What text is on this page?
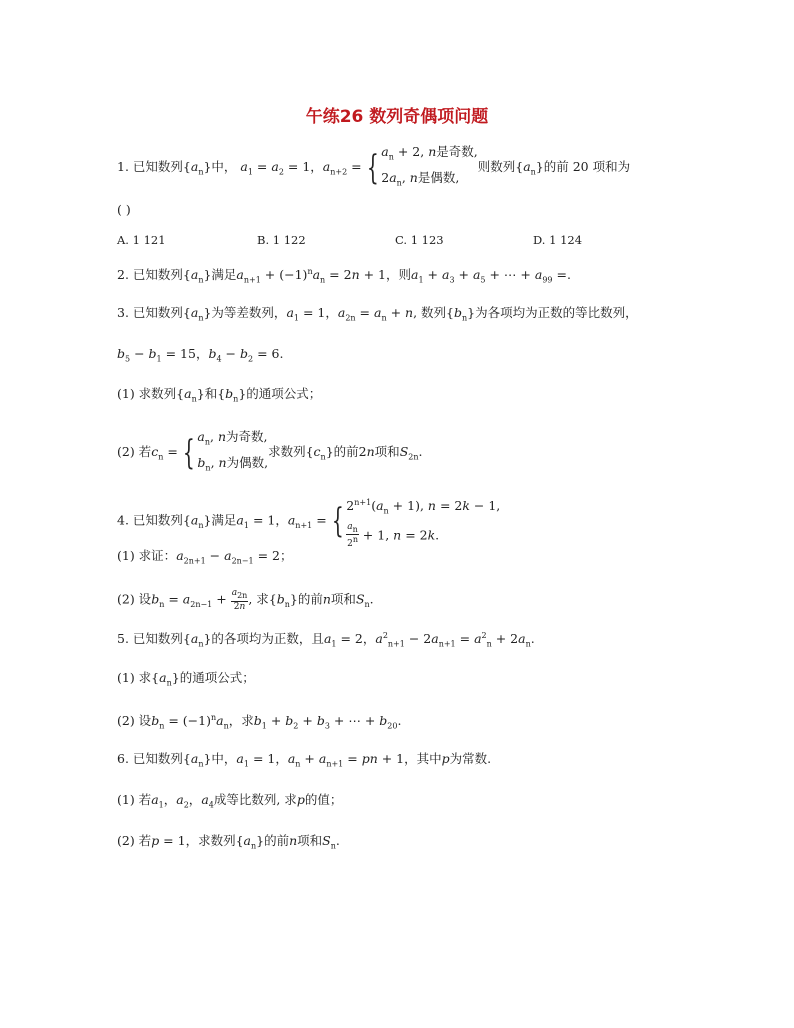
午练26 数列奇偶项问题
1. 已知数列$\{a_n\}$中， $a_1 = a_2 = 1$，$a_{n+2}$ = { $a_n + 2$, n是奇数,
$2a_n$, n是偶数,
则数列$\{a_n\}$的前 20 项和为
( )
A. 1 121	B. 1 122	C. 1 123	D. 1 124
2. 已知数列$\{a_n\}$满足$a_{n+1} + (-1)^na_n = 2n + 1$，则$a_1 + a_3 + a_5$ + ⋯ + $a_{99}$ =.
3. 已知数列$\{a_n\}$为等差数列，$a_1 = 1$，$a_{2n} = a_n + n$, 数列$\{b_n\}$为各项均为正数的等比数列，
$b_5 - b_1 = 15$，$b_4 - b_2 = 6$.
(1) 求数列$\{a_n\}$和$\{b_n\}$的通项公式；
(2) 若$c_n$ = { $a_n$, n为奇数,
$b_n$, n为偶数,
求数列$\{c_n\}$的前2n项和$S_{2n}$.
4. 已知数列$\{a_n\}$满足$a_1 = 1$，$a_{n+1}$ = { $2^{n+1}(a_n + 1)$, n = 2k − 1,
$\frac{a_n}{2^n} + 1$, n = 2k.
(1) 求证：$a_{2n+1} - a_{2n-1} = 2$；
(2) 设$b_n = a_{2n-1} + \frac{a_{2n}}{2n}$ , 求$\{b_n\}$的前n项和$S_n$.
5. 已知数列$\{a_n\}$的各项均为正数，且$a_1 = 2$，$a^2_{n+1} - 2a_{n+1} = a^2_n + 2a_n$.
(1) 求$\{a_n\}$的通项公式；
(2) 设$b_n = (-1)^na_n$，求$b_1 + b_2 + b_3$ + ⋯ + $b_{20}$.
6. 已知数列$\{a_n\}$中，$a_1 = 1$，$a_n + a_{n+1}$ = pn + 1，其中p为常数.
(1) 若$a_1$，$a_2$，$a_4$成等比数列, 求p的值；
(2) 若p = 1，求数列$\{a_n\}$的前n项和$S_n$.
